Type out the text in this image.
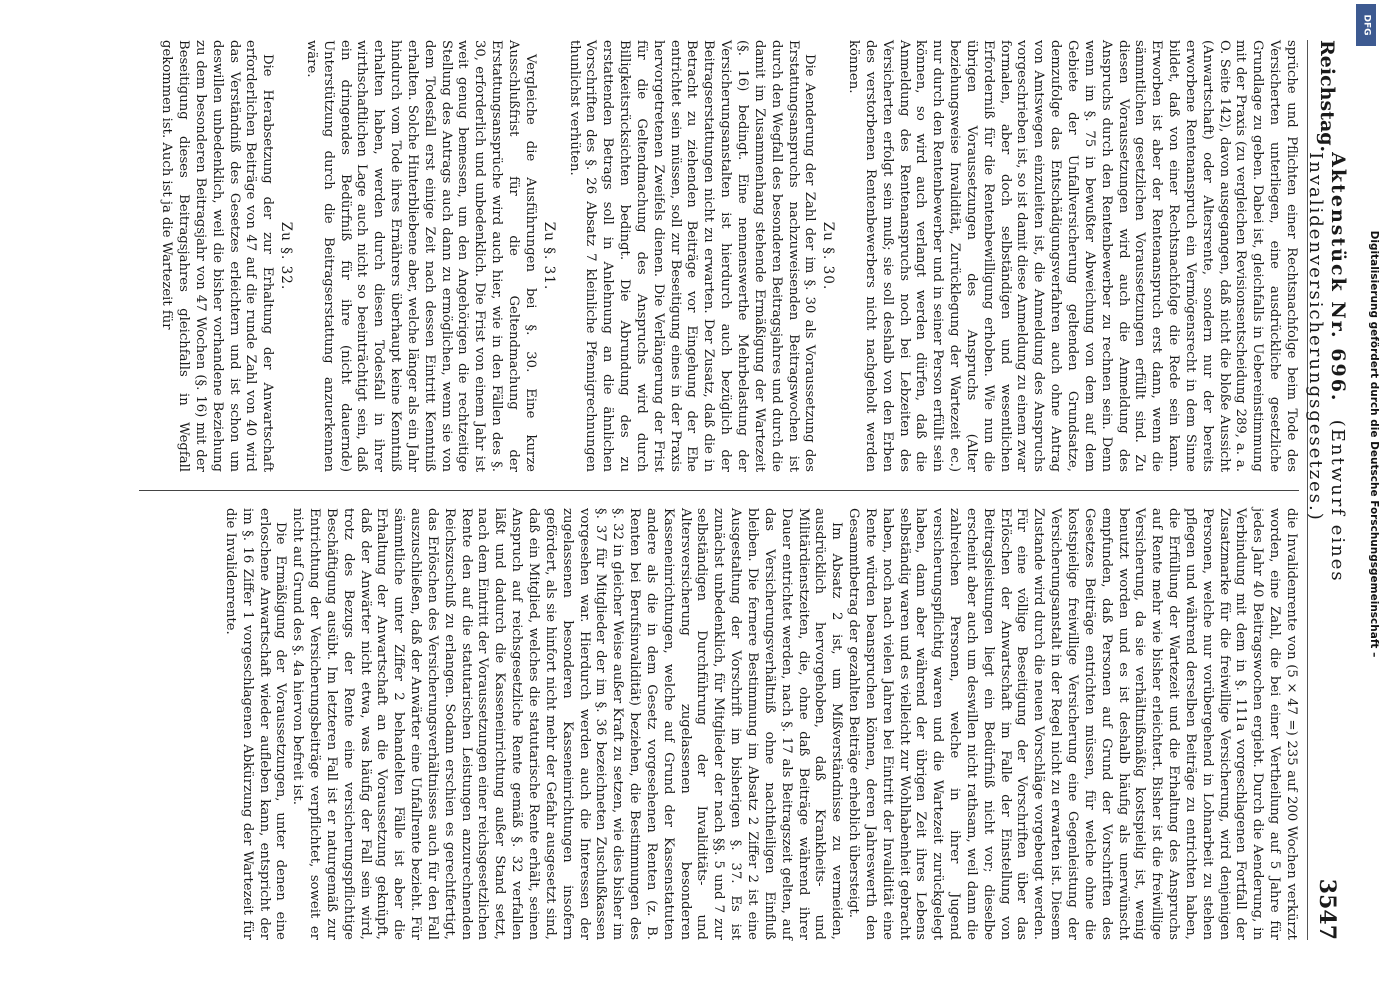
Reichstag.
Aktenstück Nr. 696.  (Entwurf eines Invalidenversicherungsgesetzes.)
3547

sprüche und Pflichten einer Rechtsnachfolge beim Tode des Versicherten unterliegen, eine ausdrückliche gesetzliche Grundlage zu geben. Dabei ist, gleichfalls in Uebereinstimmung mit der Praxis (zu vergleichen Revisionsentscheidung 289, a. a. O. Seite 142), davon ausgegangen, daß nicht die bloße Aussicht (Anwartschaft) oder Altersrente, sondern nur der bereits erworbene Rentenanspruch ein Vermögensrecht in dem Sinne bildet, daß von einer Rechtsnachfolge die Rede sein kann. Erworben ist aber der Rentenanspruch erst dann, wenn die sämmtlichen gesetzlichen Voraussetzungen erfüllt sind. Zu diesen Voraussetzungen wird auch die Anmeldung des Anspruchs durch den Rentenbewerber zu rechnen sein. Denn wenn im §. 75 in bewußter Abweichung von dem auf dem Gebiete der Unfallversicherung geltenden Grundsatze, demzufolge das Entschädigungsverfahren auch ohne Antrag von Amtswegen einzuleiten ist, die Anmeldung des Anspruchs vorgeschrieben ist, so ist damit diese Anmeldung zu einem zwar formalen, aber doch selbständigen und wesentlichen Erforderniß für die Rentenbewilligung erhoben. Wie nun die übrigen Voraussetzungen des Anspruchs (Alter beziehungsweise Invalidität, Zurücklegung der Wartezeit ec.) nur durch den Rentenbewerber und in seiner Person erfüllt sein können, so wird auch verlangt werden dürfen, daß die Anmeldung des Rentenanspruchs noch bei Lebzeiten des Versicherten erfolgt sein muß; sie soll deshalb von den Erben des verstorbenen Rentenbewerbers nicht nachgeholt werden können.

Zu §. 30.

Die Aenderung der Zahl der im §. 30 als Voraussetzung des Erstattungsanspruchs nachzuweisenden Beitragswochen ist durch den Wegfall des besonderen Beitragsjahres und durch die damit im Zusammenhang stehende Ermäßigung der Wartezeit (§. 16) bedingt. Eine nennenswerthe Mehrbelastung der Versicherungsanstalten ist hierdurch auch bezüglich der Beitragserstattungen nicht zu erwarten. Der Zusatz, daß die in Betracht zu ziehenden Beiträge vor Eingehung der Ehe entrichtet sein müssen, soll zur Beseitigung eines in der Praxis hervorgetretenen Zweifels dienen. Die Verlängerung der Frist für die Geltendmachung des Anspruchs wird durch Billigkeitsrücksichten bedingt. Die Abrundung des zu erstattenden Betrags soll in Anlehnung an die ähnlichen Vorschriften des §. 26 Absatz 7 kleinliche Pfennigrechnungen thunlichst verhüten.

Zu §. 31.

Vergleiche die Ausführungen bei §. 30. Eine kurze Ausschlußfrist für die Geltendmachung der Erstattungsansprüche wird auch hier, wie in den Fällen des §. 30, erforderlich und unbedenklich. Die Frist von einem Jahr ist weit genug bemessen, um den Angehörigen die rechtzeitige Stellung des Antrags auch dann zu ermöglichen, wenn sie von dem Todesfall erst einige Zeit nach dessen Eintritt Kenntniß erhalten. Solche Hinterbliebene aber, welche länger als ein Jahr hindurch vom Tode ihres Ernährers überhaupt keine Kenntniß erhalten haben, werden durch diesen Todesfall in ihrer wirthschaftlichen Lage auch nicht so beeinträchtigt sein, daß ein dringendes Bedürfniß für ihre (nicht dauernde) Unterstützung durch die Beitragserstattung anzuerkennen wäre.

Zu §. 32.

Die Herabsetzung der zur Erhaltung der Anwartschaft erforderlichen Beiträge von 47 auf die runde Zahl von 40 wird das Verständniß des Gesetzes erleichtern und ist schon um deswillen unbedenklich, weil die bisher vorhandene Beziehung zu dem besonderen Beitragsjahr von 47 Wochen (§. 16) mit der Beseitigung dieses Beitragsjahres gleichfalls in Wegfall gekommen ist. Auch ist ja die Wartezeit für

die Invalidenrente von (5 × 47 =) 235 auf 200 Wochen verkürzt worden, eine Zahl, die bei einer Vertheilung auf 5 Jahre für jedes Jahr 40 Beitragswochen ergiebt. Durch die Aenderung, in Verbindung mit dem in §. 111a vorgeschlagenen Fortfall der Zusatzmarke für die freiwillige Versicherung, wird denjenigen Personen, welche nur vorübergehend in Lohnarbeit zu stehen pflegen und während derselben Beiträge zu entrichten haben, die Erfüllung der Wartezeit und die Erhaltung des Anspruchs auf Rente mehr wie bisher erleichtert. Bisher ist die freiwillige Versicherung, da sie verhältnißmäßig kostspielig ist, wenig benutzt worden und es ist deshalb häufig als unerwünscht empfunden, daß Personen auf Grund der Vorschriften des Gesetzes Beiträge entrichten müssen, für welche ohne die kostspielige freiwillige Versicherung eine Gegenleistung der Versicherungsanstalt in der Regel nicht zu erwarten ist. Diesem Zustande wird durch die neuen Vorschläge vorgebeugt werden. Für eine völlige Beseitigung der Vorschriften über das Erlöschen der Anwartschaft im Falle der Einstellung von Beitragsleistungen liegt ein Bedürfniß nicht vor; dieselbe erscheint aber auch um deswillen nicht rathsam, weil dann die zahlreichen Personen, welche in ihrer Jugend versicherungspflichtig waren und die Wartezeit zurückgelegt haben, dann aber während der übrigen Zeit ihres Lebens selbständig waren und es vielleicht zur Wohlhabenheit gebracht haben, noch nach vielen Jahren bei Eintritt der Invalidität eine Rente würden beanspruchen können, deren Jahreswerth den Gesammtbetrag der gezahlten Beiträge erheblich übersteigt.

Im Absatz 2 ist, um Mißverständnisse zu vermeiden, ausdrücklich hervorgehoben, daß Krankheits- und Militärdienstzeiten, die, ohne daß Beiträge während ihrer Dauer entrichtet werden, nach §. 17 als Beitragszeit gelten, auf das Versicherungsverhältniß ohne nachtheiligen Einfluß bleiben. Die fernere Bestimmung im Absatz 2 Ziffer 2 ist eine Ausgestaltung der Vorschrift im bisherigen §. 37. Es ist zunächst unbedenklich, für Mitglieder der nach §§. 5 und 7 zur selbständigen Durchführung der Invaliditäts- und Altersversicherung zugelassenen besonderen Kasseneinrichtungen, welche auf Grund der Kassenstatuten andere als die in dem Gesetz vorgesehenen Renten (z. B. Renten bei Berufsinvalidität) beziehen, die Bestimmungen des §. 32 in gleicher Weise außer Kraft zu setzen, wie dies bisher im §. 37 für Mitglieder der im §. 36 bezeichneten Zuschußkassen vorgesehen war. Hierdurch werden auch die Interessen der zugelassenen besonderen Kasseneinrichtungen insofern gefördert, als sie hinfort nicht mehr der Gefahr ausgesetzt sind, daß ein Mitglied, welches die statutarische Rente erhält, seinen Anspruch auf reichsgesetzliche Rente gemäß §. 32 verfallen läßt und dadurch die Kasseneinrichtung außer Stand setzt, nach dem Eintritt der Voraussetzungen einer reichsgesetzlichen Rente den auf die statutarischen Leistungen anzurechnenden Reichszuschuß zu erlangen. Sodann erschien es gerechtfertigt, das Erlöschen des Versicherungsverhältnisses auch für den Fall auszuschließen, daß der Anwärter eine Unfallrente bezieht. Für sämmtliche unter Ziffer 2 behandelten Fälle ist aber die Erhaltung der Anwartschaft an die Voraussetzung geknüpft, daß der Anwärter nicht etwa, was häufig der Fall sein wird, trotz des Bezugs der Rente eine versicherungspflichtige Beschäftigung ausübt. Im letzteren Fall ist er naturgemäß zur Entrichtung der Versicherungsbeiträge verpflichtet, soweit er nicht auf Grund des §. 4a hiervon befreit ist.

Die Ermäßigung der Voraussetzungen, unter denen eine erloschene Anwartschaft wieder aufleben kann, entspricht der im §. 16 Ziffer 1 vorgeschlagenen Abkürzung der Wartezeit für die Invalidenrente.

DFG
Digitalisierung gefördert durch die Deutsche Forschungsgemeinschaft –
